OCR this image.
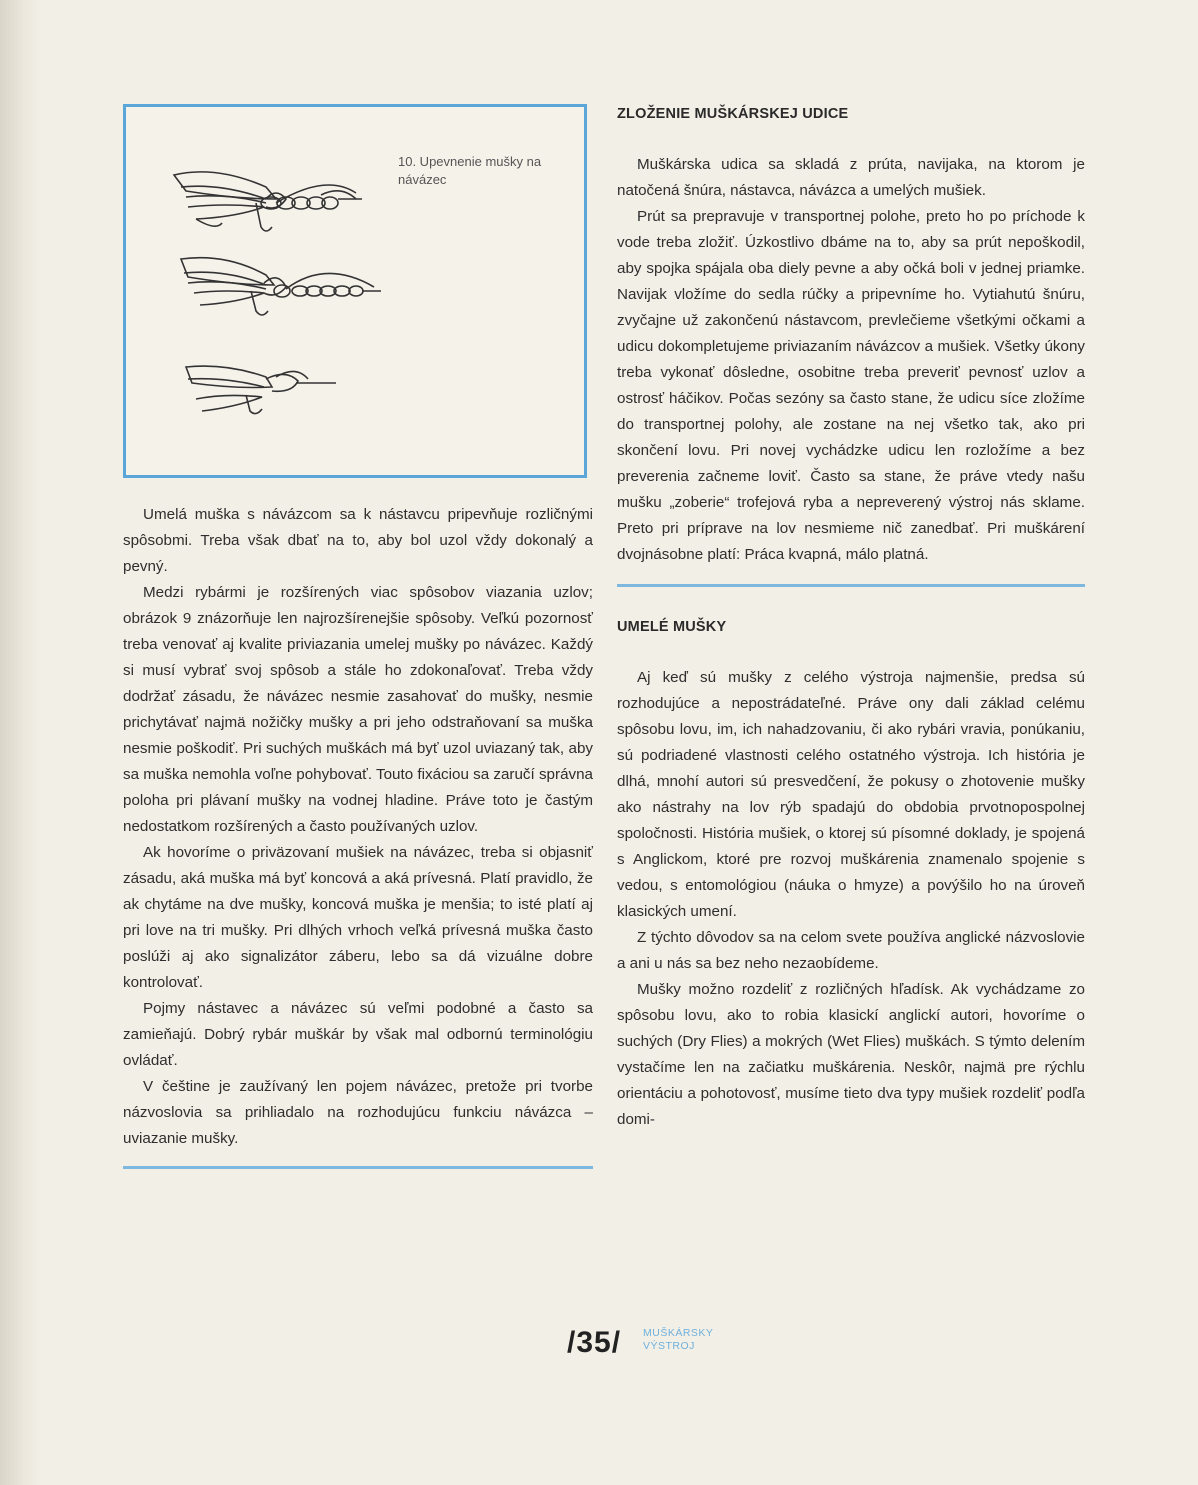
10. Upevnenie mušky na návázec

Umelá muška s návázcom sa k nástavcu pripevňuje rozličnými spôsobmi. Treba však dbať na to, aby bol uzol vždy dokonalý a pevný.

Medzi rybármi je rozšírených viac spôsobov viazania uzlov; obrázok 9 znázorňuje len najrozšírenejšie spôsoby. Veľkú pozornosť treba venovať aj kvalite priviazania umelej mušky po návázec. Každý si musí vybrať svoj spôsob a stále ho zdokonaľovať. Treba vždy dodržať zásadu, že návázec nesmie zasahovať do mušky, nesmie prichytávať najmä nožičky mušky a pri jeho odstraňovaní sa muška nesmie poškodiť. Pri suchých muškách má byť uzol uviazaný tak, aby sa muška nemohla voľne pohybovať. Touto fixáciou sa zaručí správna poloha pri plávaní mušky na vodnej hladine. Práve toto je častým nedostatkom rozšírených a často používaných uzlov.

Ak hovoríme o priväzovaní mušiek na návázec, treba si objasniť zásadu, aká muška má byť koncová a aká prívesná. Platí pravidlo, že ak chytáme na dve mušky, koncová muška je menšia; to isté platí aj pri love na tri mušky. Pri dlhých vrhoch veľká prívesná muška často poslúži aj ako signalizátor záberu, lebo sa dá vizuálne dobre kontrolovať.

Pojmy nástavec a návázec sú veľmi podobné a často sa zamieňajú. Dobrý rybár muškár by však mal odbornú terminológiu ovládať.

V češtine je zaužívaný len pojem návázec, pretože pri tvorbe názvoslovia sa prihliadalo na rozhodujúcu funkciu návázca – uviazanie mušky.

ZLOŽENIE MUŠKÁRSKEJ UDICE

Muškárska udica sa skladá z prúta, navijaka, na ktorom je natočená šnúra, nástavca, návázca a umelých mušiek.

Prút sa prepravuje v transportnej polohe, preto ho po príchode k vode treba zložiť. Úzkostlivo dbáme na to, aby sa prút nepoškodil, aby spojka spájala oba diely pevne a aby očká boli v jednej priamke. Navijak vložíme do sedla rúčky a pripevníme ho. Vytiahutú šnúru, zvyčajne už zakončenú nástavcom, prevlečieme všetkými očkami a udicu dokompletujeme priviazaním návázcov a mušiek. Všetky úkony treba vykonať dôsledne, osobitne treba preveriť pevnosť uzlov a ostrosť háčikov. Počas sezóny sa často stane, že udicu síce zložíme do transportnej polohy, ale zostane na nej všetko tak, ako pri skončení lovu. Pri novej vychádzke udicu len rozložíme a bez preverenia začneme loviť. Často sa stane, že práve vtedy našu mušku „zoberie“ trofejová ryba a nepreverený výstroj nás sklame. Preto pri príprave na lov nesmieme nič zanedbať. Pri muškárení dvojnásobne platí: Práca kvapná, málo platná.

UMELÉ MUŠKY

Aj keď sú mušky z celého výstroja najmenšie, predsa sú rozhodujúce a nepostrádateľné. Práve ony dali základ celému spôsobu lovu, im, ich nahadzovaniu, či ako rybári vravia, ponúkaniu, sú podriadené vlastnosti celého ostatného výstroja. Ich história je dlhá, mnohí autori sú presvedčení, že pokusy o zhotovenie mušky ako nástrahy na lov rýb spadajú do obdobia prvotnopospolnej spoločnosti. História mušiek, o ktorej sú písomné doklady, je spojená s Anglickom, ktoré pre rozvoj muškárenia znamenalo spojenie s vedou, s entomológiou (náuka o hmyze) a povýšilo ho na úroveň klasických umení.

Z týchto dôvodov sa na celom svete používa anglické názvoslovie a ani u nás sa bez neho nezaobídeme.

Mušky možno rozdeliť z rozličných hľadísk. Ak vychádzame zo spôsobu lovu, ako to robia klasickí anglickí autori, hovoríme o suchých (Dry Flies) a mokrých (Wet Flies) muškách. S týmto delením vystačíme len na začiatku muškárenia. Neskôr, najmä pre rýchlu orientáciu a pohotovosť, musíme tieto dva typy mušiek rozdeliť podľa domi-

/35/ MUŠKÁRSKY
VÝSTROJ
